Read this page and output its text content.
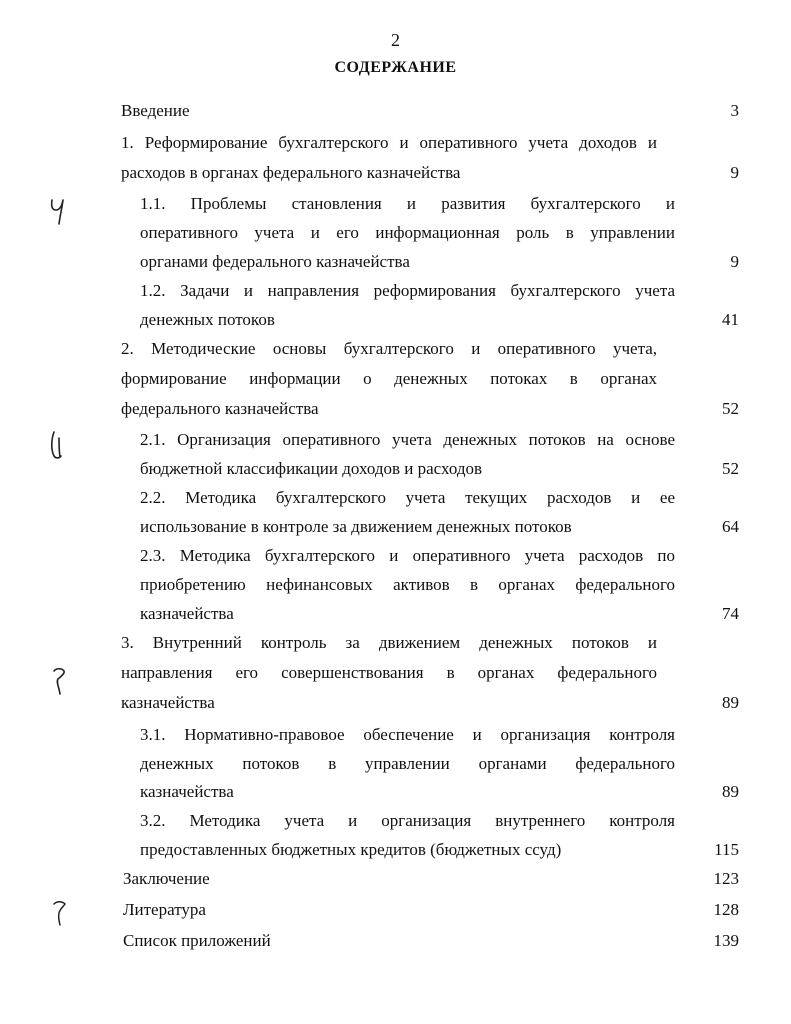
2
СОДЕРЖАНИЕ
Введение	3
1. Реформирование бухгалтерского и оперативного учета доходов и
расходов в органах федерального казначейства	9
1.1. Проблемы становления и развития бухгалтерского и
оперативного учета и его информационная роль в управлении
органами федерального казначейства	9
1.2. Задачи и направления реформирования бухгалтерского учета
денежных потоков	41
2. Методические основы бухгалтерского и оперативного учета,
формирование информации о денежных потоках в органах
федерального казначейства	52
2.1. Организация оперативного учета денежных потоков на основе
бюджетной классификации доходов и расходов	52
2.2. Методика бухгалтерского учета текущих расходов и ее
использование в контроле за движением денежных потоков	64
2.3. Методика бухгалтерского и оперативного учета расходов по
приобретению нефинансовых активов в органах федерального
казначейства	74
3. Внутренний контроль за движением денежных потоков и
направления его совершенствования в органах федерального
казначейства	89
3.1. Нормативно-правовое обеспечение и организация контроля
денежных потоков в управлении органами федерального
казначейства	89
3.2. Методика учета и организация внутреннего контроля
предоставленных бюджетных кредитов (бюджетных ссуд)	115
Заключение	123
Литература	128
Список приложений	139
